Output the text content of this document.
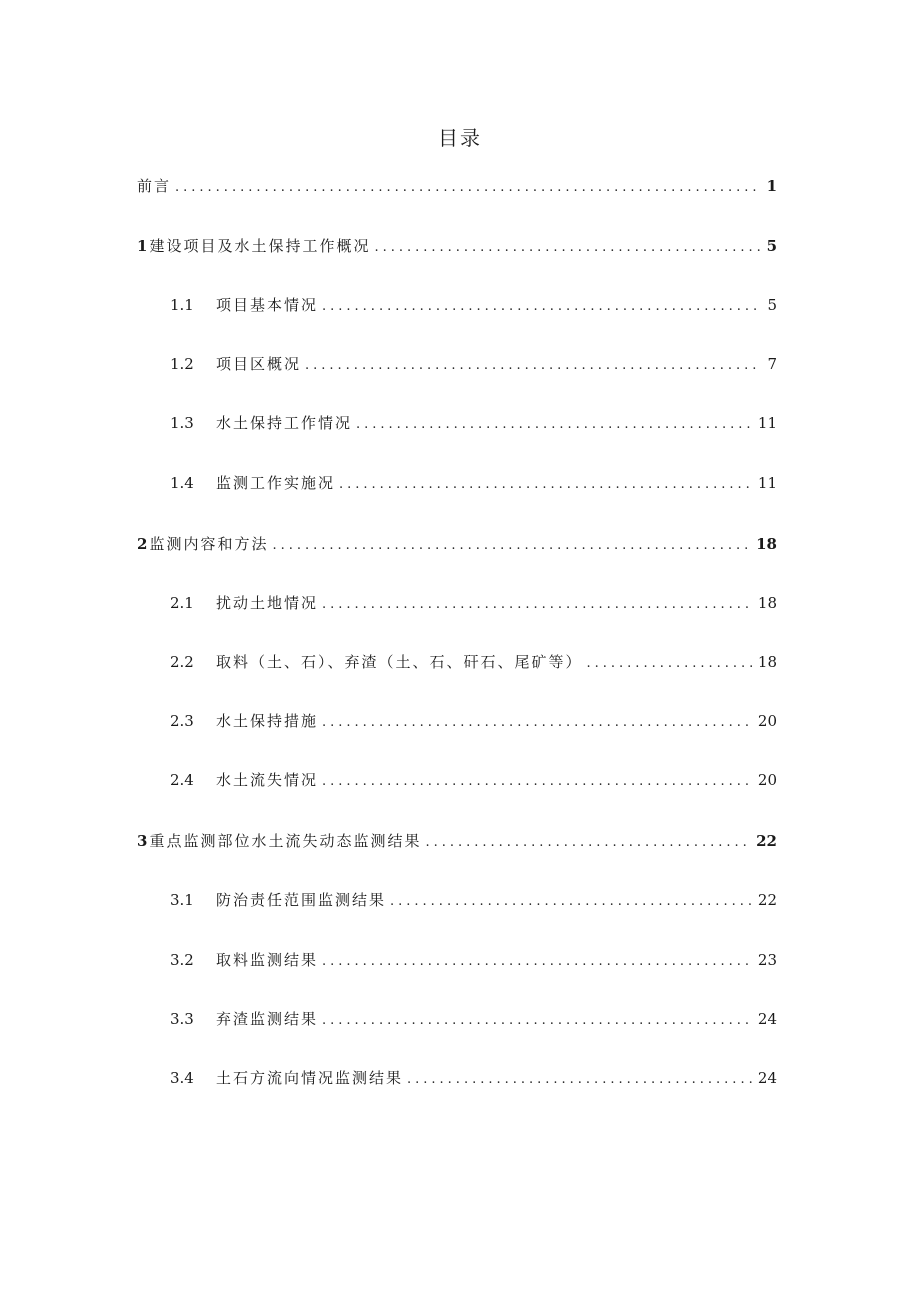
目录
前言 .....	1
1 建设项目及水土保持工作概况 .....	5
1.1	项目基本情况 .....	5
1.2	项目区概况 .....	7
1.3	水土保持工作情况 .....	11
1.4	监测工作实施况 .....	11
2 监测内容和方法 .....	18
2.1	扰动土地情况 .....	18
2.2	取料（土、石）、弃渣（土、石、矸石、尾矿等） .....	18
2.3	水土保持措施 .....	20
2.4	水土流失情况 .....	20
3 重点监测部位水土流失动态监测结果 .....	22
3.1	防治责任范围监测结果 .....	22
3.2	取料监测结果 .....	23
3.3	弃渣监测结果 .....	24
3.4	土石方流向情况监测结果 .....	24
